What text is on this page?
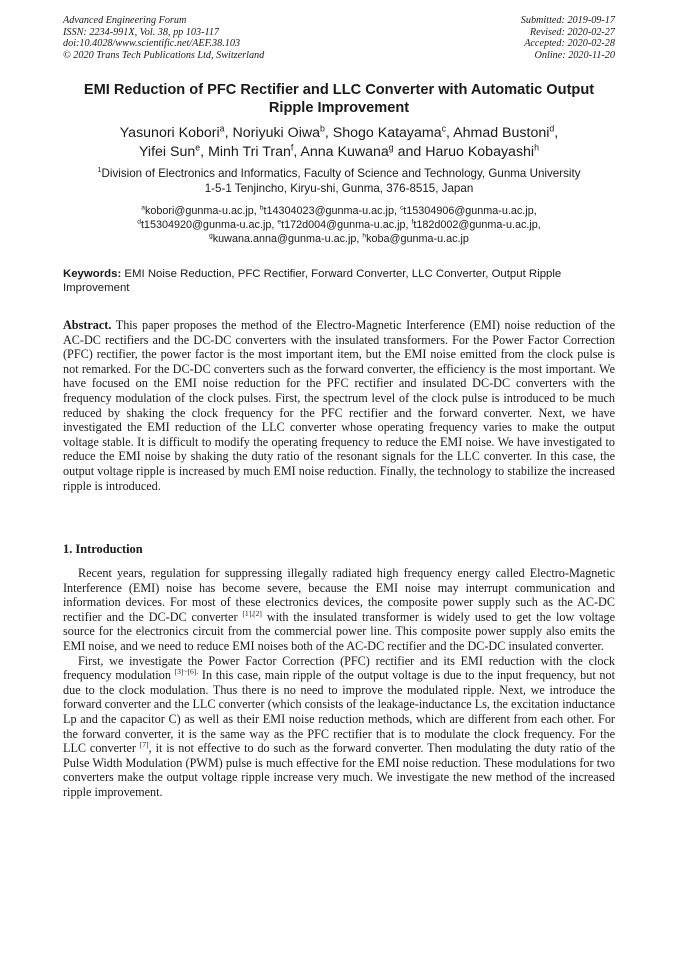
Advanced Engineering Forum
ISSN: 2234-991X, Vol. 38, pp 103-117
doi:10.4028/www.scientific.net/AEF.38.103
© 2020 Trans Tech Publications Ltd, Switzerland
Submitted: 2019-09-17
Revised: 2020-02-27
Accepted: 2020-02-28
Online: 2020-11-20
EMI Reduction of PFC Rectifier and LLC Converter with Automatic Output Ripple Improvement
Yasunori Kobori$^a$, Noriyuki Oiwa$^b$, Shogo Katayama$^c$, Ahmad Bustoni$^d$,
Yifei Sun$^e$, Minh Tri Tran$^f$, Anna Kuwana$^g$ and Haruo Kobayashi$^h$
$^1$Division of Electronics and Informatics, Faculty of Science and Technology, Gunma University
1-5-1 Tenjincho, Kiryu-shi, Gunma, 376-8515, Japan
$^a$kobori@gunma-u.ac.jp, $^b$t14304023@gunma-u.ac.jp, $^c$t15304906@gunma-u.ac.jp,
$^d$t15304920@gunma-u.ac.jp, $^e$t172d004@gunma-u.ac.jp, $^f$t182d002@gunma-u.ac.jp,
$^g$kuwana.anna@gunma-u.ac.jp, $^h$koba@gunma-u.ac.jp
Keywords: EMI Noise Reduction, PFC Rectifier, Forward Converter, LLC Converter, Output Ripple Improvement
Abstract. This paper proposes the method of the Electro-Magnetic Interference (EMI) noise reduction of the AC-DC rectifiers and the DC-DC converters with the insulated transformers. For the Power Factor Correction (PFC) rectifier, the power factor is the most important item, but the EMI noise emitted from the clock pulse is not remarked. For the DC-DC converters such as the forward converter, the efficiency is the most important. We have focused on the EMI noise reduction for the PFC rectifier and insulated DC-DC converters with the frequency modulation of the clock pulses. First, the spectrum level of the clock pulse is introduced to be much reduced by shaking the clock frequency for the PFC rectifier and the forward converter. Next, we have investigated the EMI reduction of the LLC converter whose operating frequency varies to make the output voltage stable. It is difficult to modify the operating frequency to reduce the EMI noise. We have investigated to reduce the EMI noise by shaking the duty ratio of the resonant signals for the LLC converter. In this case, the output voltage ripple is increased by much EMI noise reduction. Finally, the technology to stabilize the increased ripple is introduced.
1. Introduction

Recent years, regulation for suppressing illegally radiated high frequency energy called Electro-Magnetic Interference (EMI) noise has become severe, because the EMI noise may interrupt communication and information devices. For most of these electronics devices, the composite power supply such as the AC-DC rectifier and the DC-DC converter [1],[2] with the insulated transformer is widely used to get the low voltage source for the electronics circuit from the commercial power line. This composite power supply also emits the EMI noise, and we need to reduce EMI noises both of the AC-DC rectifier and the DC-DC insulated converter.

First, we investigate the Power Factor Correction (PFC) rectifier and its EMI reduction with the clock frequency modulation $^{[3]\sim[6].}$ In this case, main ripple of the output voltage is due to the input frequency, but not due to the clock modulation. Thus there is no need to improve the modulated ripple. Next, we introduce the forward converter and the LLC converter (which consists of the leakage-inductance Ls, the excitation inductance Lp and the capacitor C) as well as their EMI noise reduction methods, which are different from each other. For the forward converter, it is the same way as the PFC rectifier that is to modulate the clock frequency. For the LLC converter [7], it is not effective to do such as the forward converter. Then modulating the duty ratio of the Pulse Width Modulation (PWM) pulse is much effective for the EMI noise reduction. These modulations for two converters make the output voltage ripple increase very much. We investigate the new method of the increased ripple improvement.
